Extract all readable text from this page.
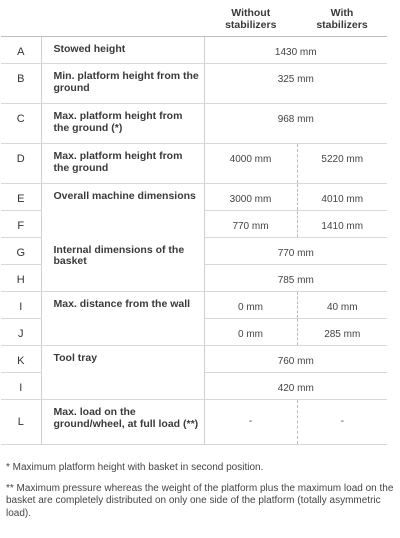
		Without
stabilizers	With
stabilizers
A	Stowed height	1430 mm	
B	Min. platform height from the ground	325 mm	
C	Max. platform height from the ground (*)	968 mm	
D	Max. platform height from the ground	4000 mm	5220 mm
E	Overall machine dimensions	3000 mm	4010 mm
F		770 mm	1410 mm
G	Internal dimensions of the basket	770 mm	
H		785 mm	
I	Max. distance from the wall	0 mm	40 mm
J		0 mm	285 mm
K	Tool tray	760 mm	
I		420 mm	
L	Max. load on the ground/wheel, at full load (**)	-	-

* Maximum platform height with basket in second position.

** Maximum pressure whereas the weight of the platform plus the maximum load on the basket are completely distributed on only one side of the platform (totally asymmetric load).
